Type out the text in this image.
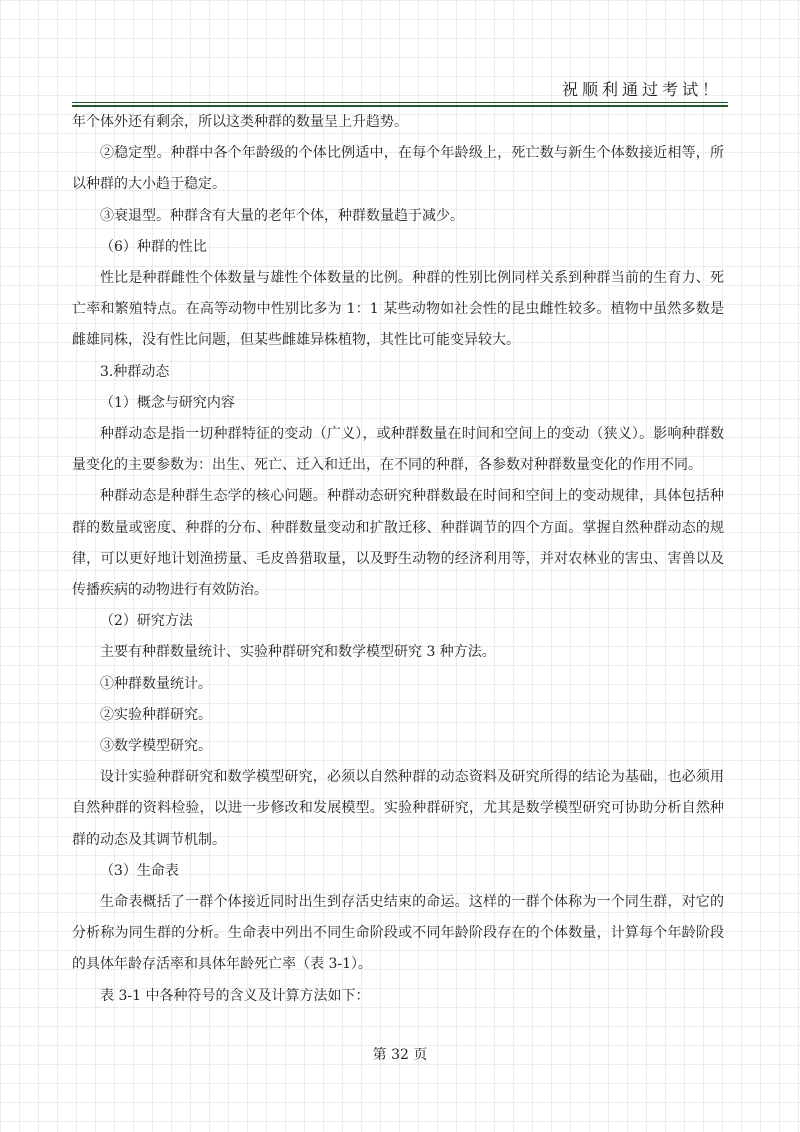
祝顺利通过考试！

年个体外还有剩余，所以这类种群的数量呈上升趋势。

②稳定型。种群中各个年龄级的个体比例适中，在每个年龄级上，死亡数与新生个体数接近相等，所以种群的大小趋于稳定。

③衰退型。种群含有大量的老年个体，种群数量趋于减少。

（6）种群的性比

性比是种群雌性个体数量与雄性个体数量的比例。种群的性别比例同样关系到种群当前的生育力、死亡率和繁殖特点。在高等动物中性别比多为 1：1 某些动物如社会性的昆虫雌性较多。植物中虽然多数是雌雄同株，没有性比问题，但某些雌雄异株植物，其性比可能变异较大。

3.种群动态

（1）概念与研究内容

种群动态是指一切种群特征的变动（广义），或种群数量在时间和空间上的变动（狭义）。影响种群数量变化的主要参数为：出生、死亡、迁入和迁出，在不同的种群，各参数对种群数量变化的作用不同。

种群动态是种群生态学的核心问题。种群动态研究种群数最在时间和空间上的变动规律，具体包括种群的数量或密度、种群的分布、种群数量变动和扩散迁移、种群调节的四个方面。掌握自然种群动态的规律，可以更好地计划渔捞量、毛皮兽猎取量，以及野生动物的经济利用等，并对农林业的害虫、害兽以及传播疾病的动物进行有效防治。

（2）研究方法

主要有种群数量统计、实验种群研究和数学模型研究 3 种方法。

①种群数量统计。

②实验种群研究。

③数学模型研究。

设计实验种群研究和数学模型研究，必须以自然种群的动态资料及研究所得的结论为基础，也必须用自然种群的资料检验，以进一步修改和发展模型。实验种群研究，尤其是数学模型研究可协助分析自然种群的动态及其调节机制。

（3）生命表

生命表概括了一群个体接近同时出生到存活史结束的命运。这样的一群个体称为一个同生群，对它的分析称为同生群的分析。生命表中列出不同生命阶段或不同年龄阶段存在的个体数量，计算每个年龄阶段的具体年龄存活率和具体年龄死亡率（表 3-1）。

表 3-1 中各种符号的含义及计算方法如下：

第 32 页
